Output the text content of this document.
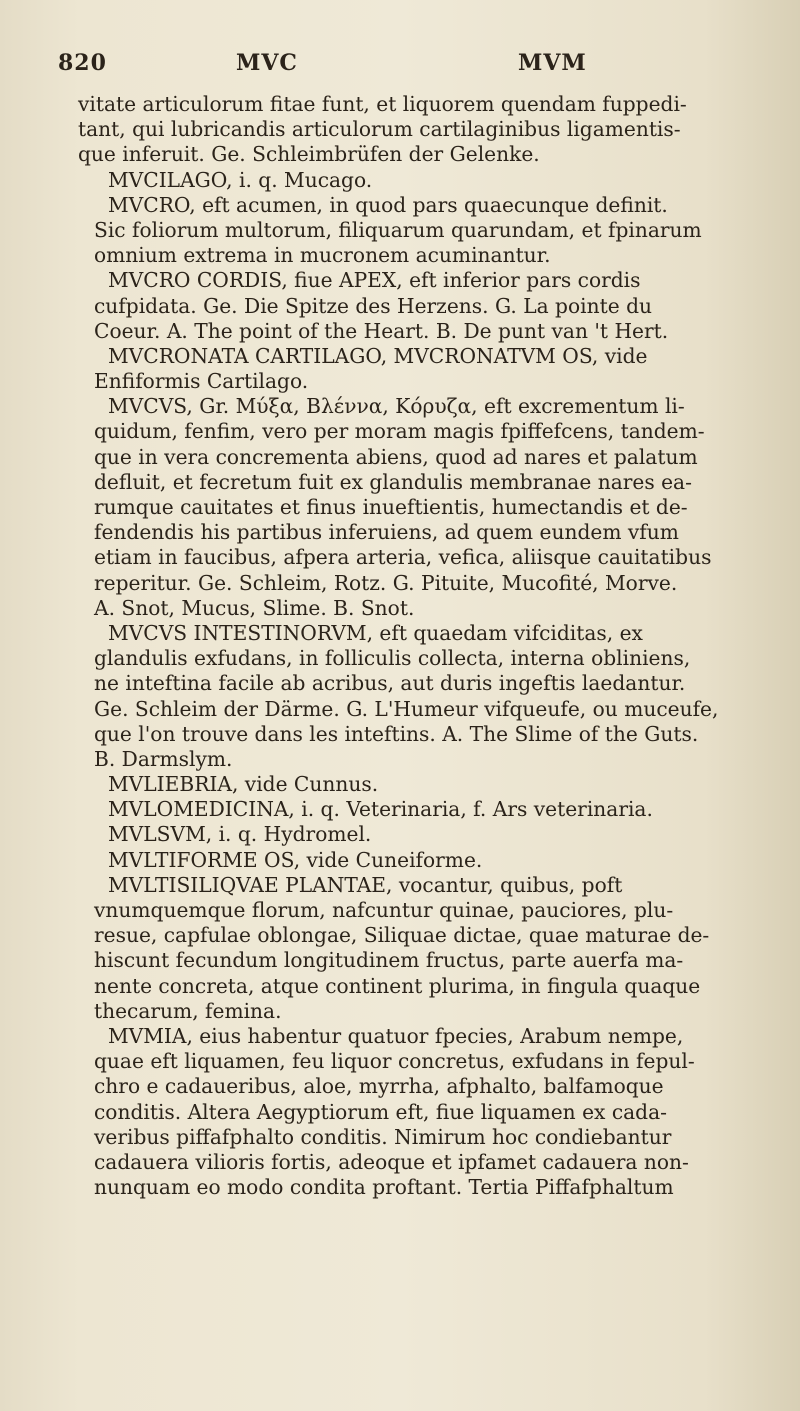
820	MVC	MVM
vitate articulorum fitae funt, et liquorem quendam fuppedi-
tant, qui lubricandis articulorum cartilaginibus ligamentis-
que inferuit. Ge. Schleimbrüfen der Gelenke.
MVCILAGO, i. q. Mucago.
MVCRO, eft acumen, in quod pars quaecunque definit.
Sic foliorum multorum, filiquarum quarundam, et fpinarum
omnium extrema in mucronem acuminantur.
MVCRO CORDIS, fiue APEX, eft inferior pars cordis
cufpidata. Ge. Die Spitze des Herzens. G. La pointe du
Coeur. A. The point of the Heart. B. De punt van 't Hert.
MVCRONATA CARTILAGO, MVCRONATVM OS, vide
Enfiformis Cartilago.
MVCVS, Gr. Μύξα, Βλέννα, Κόρυζα, eft excrementum li-
quidum, fenfim, vero per moram magis fpiffefcens, tandem-
que in vera concrementa abiens, quod ad nares et palatum
defluit, et fecretum fuit ex glandulis membranae nares ea-
rumque cauitates et finus inueftientis, humectandis et de-
fendendis his partibus inferuiens, ad quem eundem vfum
etiam in faucibus, afpera arteria, vefica, aliisque cauitatibus
reperitur. Ge. Schleim, Rotz. G. Pituite, Mucofité, Morve.
A. Snot, Mucus, Slime. B. Snot.
MVCVS INTESTINORVM, eft quaedam vifciditas, ex
glandulis exfudans, in folliculis collecta, interna obliniens,
ne inteftina facile ab acribus, aut duris ingeftis laedantur.
Ge. Schleim der Därme. G. L'Humeur vifqueufe, ou muceufe,
que l'on trouve dans les inteftins. A. The Slime of the Guts.
B. Darmslym.
MVLIEBRIA, vide Cunnus.
MVLOMEDICINA, i. q. Veterinaria, f. Ars veterinaria.
MVLSVM, i. q. Hydromel.
MVLTIFORME OS, vide Cuneiforme.
MVLTISILIQVAE PLANTAE, vocantur, quibus, poft
vnumquemque florum, nafcuntur quinae, pauciores, plu-
resue, capfulae oblongae, Siliquae dictae, quae maturae de-
hiscunt fecundum longitudinem fructus, parte auerfa ma-
nente concreta, atque continent plurima, in fingula quaque
thecarum, femina.
MVMIA, eius habentur quatuor fpecies, Arabum nempe,
quae eft liquamen, feu liquor concretus, exfudans in fepul-
chro e cadaueribus, aloe, myrrha, afphalto, balfamoque
conditis. Altera Aegyptiorum eft, fiue liquamen ex cada-
veribus piffafphalto conditis. Nimirum hoc condiebantur
cadauera vilioris fortis, adeoque et ipfamet cadauera non-
nunquam eo modo condita proftant. Tertia Piffafphaltum
